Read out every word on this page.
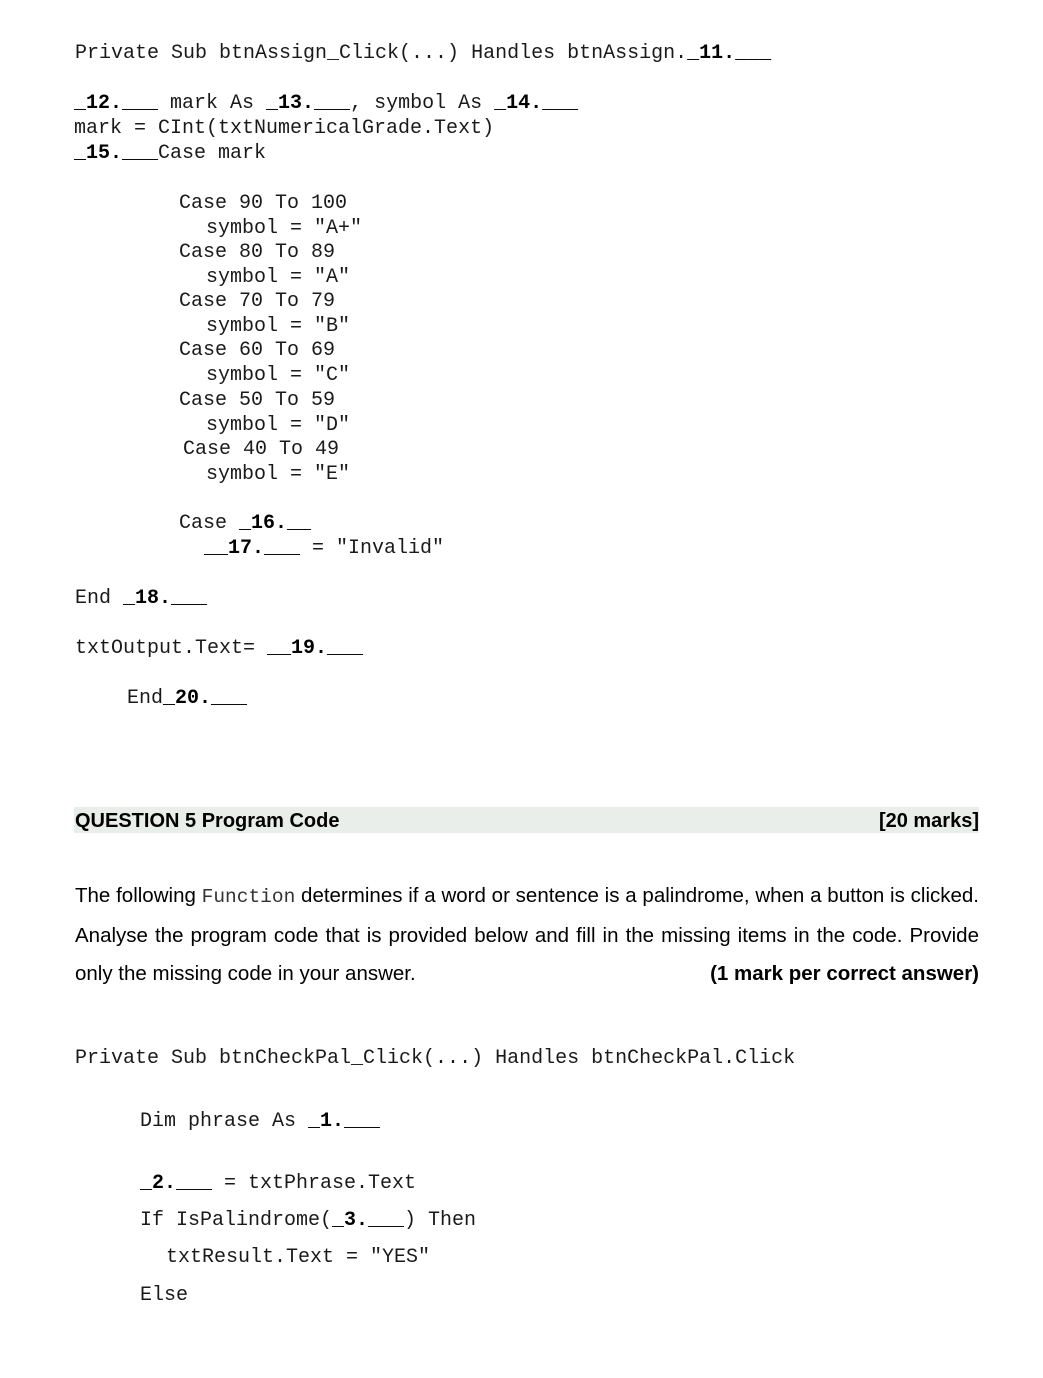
Private Sub btnAssign_Click(...) Handles btnAssign._11.___
_12.___ mark As _13.___, symbol As _14.___
mark = CInt(txtNumericalGrade.Text)
_15.___Case mark
Case 90 To 100
symbol = "A+"
Case 80 To 89
symbol = "A"
Case 70 To 79
symbol = "B"
Case 60 To 69
symbol = "C"
Case 50 To 59
symbol = "D"
Case 40 To 49
symbol = "E"
Case _16.__
__17.___ = "Invalid"
End _18.___
txtOutput.Text= __19.___
End_20.___
QUESTION 5 Program Code	[20 marks]
The following Function determines if a word or sentence is a palindrome, when a button is clicked. Analyse the program code that is provided below and fill in the missing items in the code. Provide only the missing code in your answer.	(1 mark per correct answer)
Private Sub btnCheckPal_Click(...) Handles btnCheckPal.Click
Dim phrase As _1.___
_2.___ = txtPhrase.Text
If IsPalindrome(_3.___) Then
txtResult.Text = "YES"
Else
